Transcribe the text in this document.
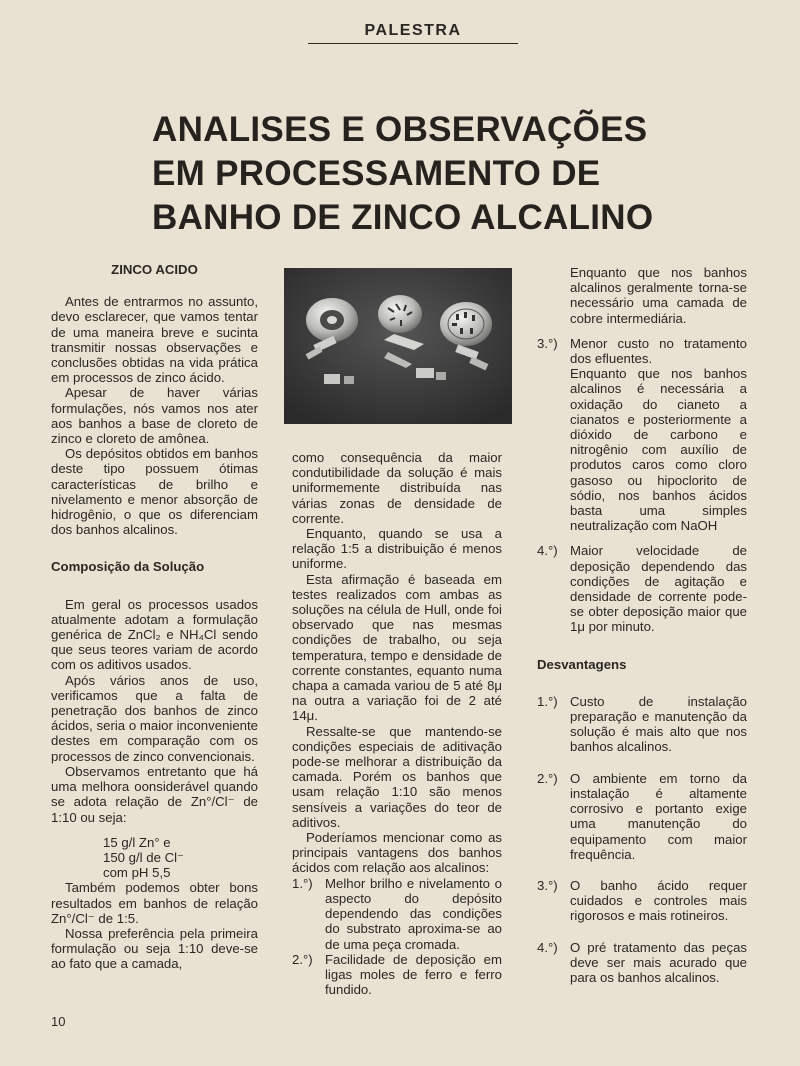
PALESTRA
ANALISES E OBSERVAÇÕES
EM PROCESSAMENTO DE
BANHO DE ZINCO ALCALINO
ZINCO ACIDO

Antes de entrarmos no assunto, devo esclarecer, que vamos tentar de uma maneira breve e sucinta transmitir nossas observações e conclusões obtidas na vida prática em processos de zinco ácido.

Apesar de haver várias formulações, nós vamos nos ater aos banhos a base de cloreto de zinco e cloreto de amônea.

Os depósitos obtidos em banhos deste tipo possuem ótimas características de brilho e nivelamento e menor absorção de hidrogênio, o que os diferenciam dos banhos alcalinos.

Composição da Solução

Em geral os processos usados atualmente adotam a formulação genérica de ZnCl₂ e NH₄Cl sendo que seus teores variam de acordo com os aditivos usados.

Após vários anos de uso, verificamos que a falta de penetração dos banhos de zinco ácidos, seria o maior inconveniente destes em comparação com os processos de zinco convencionais.

Observamos entretanto que há uma melhora oonsiderável quando se adota relação de Zn°/Cl⁻ de 1:10 ou seja:

15 g/l Zn° e

150 g/l de Cl⁻

com pH 5,5

Também podemos obter bons resultados em banhos de relação Zn°/Cl⁻ de 1:5.

Nossa preferência pela primeira formulação ou seja 1:10 deve-se ao fato que a camada,

como consequência da maior condutibilidade da solução é mais uniformemente distribuída nas várias zonas de densidade de corrente.

Enquanto, quando se usa a relação 1:5 a distribuição é menos uniforme.

Esta afirmação é baseada em testes realizados com ambas as soluções na célula de Hull, onde foi observado que nas mesmas condições de trabalho, ou seja temperatura, tempo e densidade de corrente constantes, equanto numa chapa a camada variou de 5 até 8μ na outra a variação foi de 2 até 14μ.

Ressalte-se que mantendo-se condições especiais de aditivação pode-se melhorar a distribuição da camada. Porém os banhos que usam relação 1:10 são menos sensíveis a variações do teor de aditivos.

Poderíamos mencionar como as principais vantagens dos banhos ácidos com relação aos alcalinos:

1.°) Melhor brilho e nivelamento o aspecto do depósito dependendo das condições do substrato aproxima-se ao de uma peça cromada.
2.°) Facilidade de deposição em ligas moles de ferro e ferro fundido.
Enquanto que nos banhos alcalinos geralmente torna-se necessário uma camada de cobre intermediária.
3.°) Menor custo no tratamento dos efluentes.
Enquanto que nos banhos alcalinos é necessária a oxidação do cianeto a cianatos e posteriormente a dióxido de carbono e nitrogênio com auxílio de produtos caros como cloro gasoso ou hipoclorito de sódio, nos banhos ácidos basta uma simples neutralização com NaOH
4.°) Maior velocidade de deposição dependendo das condições de agitação e densidade de corrente pode-se obter deposição maior que 1μ por minuto.
Desvantagens
1.°) Custo de instalação preparação e manutenção da solução é mais alto que nos banhos alcalinos.
2.°) O ambiente em torno da instalação é altamente corrosivo e portanto exige uma manutenção do equipamento com maior frequência.
3.°) O banho ácido requer cuidados e controles mais rigorosos e mais rotineiros.
4.°) O pré tratamento das peças deve ser mais acurado que para os banhos alcalinos.
10
